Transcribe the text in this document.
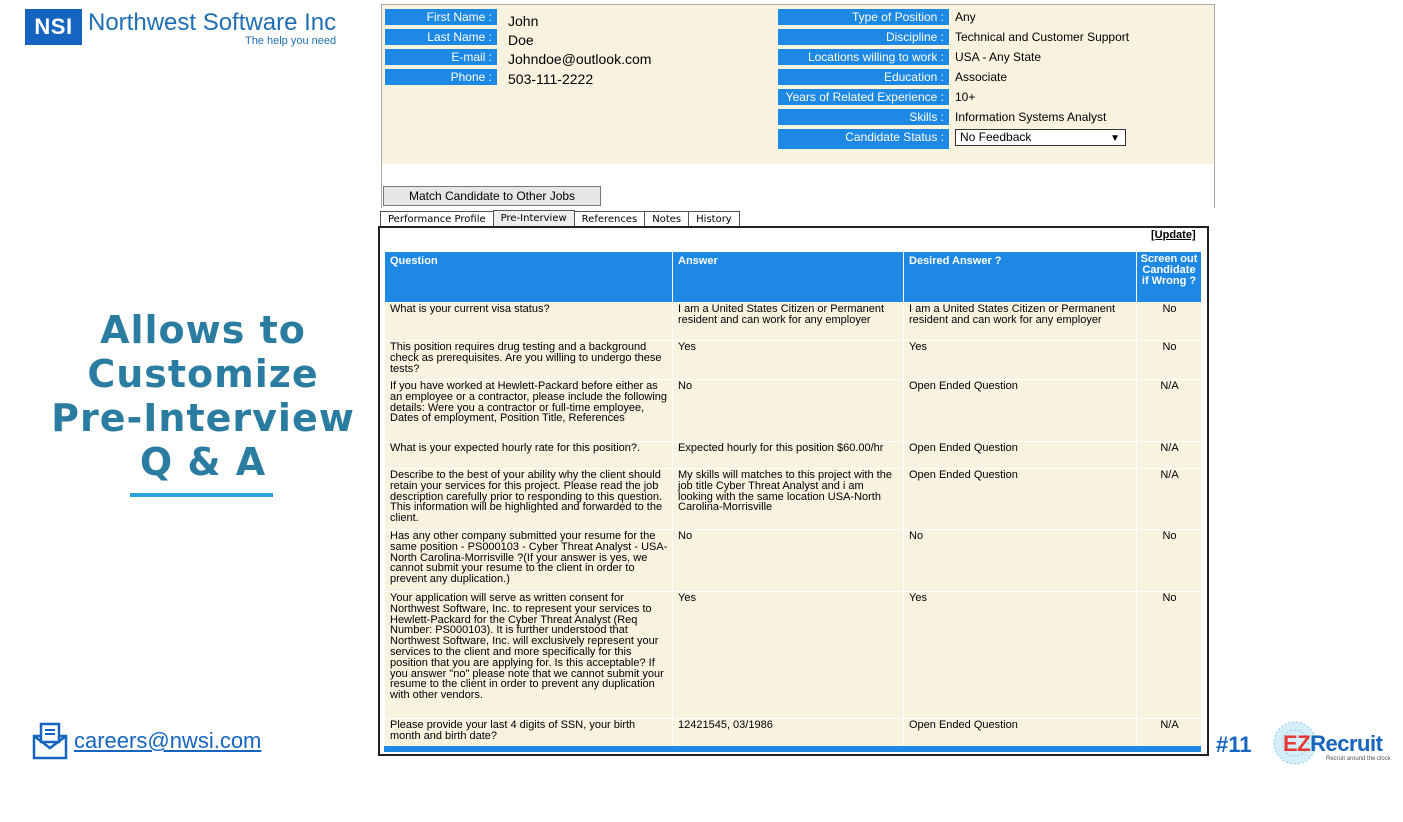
NSI Northwest Software Inc
The help you need
Allows to
Customize
Pre-Interview
Q & A
careers@nwsi.com	#11 EZRecruit
Recruit around the clock
First Name :	John
Last Name :	Doe
E-mail :	Johndoe@outlook.com
Phone :	503-111-2222
Type of Position : Any
Discipline : Technical and Customer Support
Locations willing to work : USA - Any State
Education : Associate
Years of Related Experience : 10+
Skills : Information Systems Analyst
Candidate Status :	No Feedback	▼
Match Candidate to Other Jobs
Performance Profile	Pre-Interview	References	Notes	History
[Update]
Question	Answer	Desired Answer ?	Screen out Candidate if Wrong ?
What is your current visa status?	I am a United States Citizen or Permanent resident and can work for any employer	I am a United States Citizen or Permanent resident and can work for any employer	No
This position requires drug testing and a background check as prerequisites. Are you willing to undergo these tests?	Yes	Yes	No
If you have worked at Hewlett-Packard before either as an employee or a contractor, please include the following details: Were you a contractor or full-time employee, Dates of employment, Position Title, References	No	Open Ended Question	N/A
What is your expected hourly rate for this position?.	Expected hourly for this position $60.00/hr	Open Ended Question	N/A
Describe to the best of your ability why the client should retain your services for this project. Please read the job description carefully prior to responding to this question. This information will be highlighted and forwarded to the client.	My skills will matches to this project with the job title Cyber Threat Analyst and i am looking with the same location USA-North Carolina-Morrisville	Open Ended Question	N/A
Has any other company submitted your resume for the same position - PS000103 - Cyber Threat Analyst - USA-North Carolina-Morrisville ?(If your answer is yes, we cannot submit your resume to the client in order to prevent any duplication.)	No	No	No
Your application will serve as written consent for Northwest Software, Inc. to represent your services to Hewlett-Packard for the Cyber Threat Analyst (Req Number: PS000103). It is further understood that Northwest Software, Inc. will exclusively represent your services to the client and more specifically for this position that you are applying for. Is this acceptable? If you answer "no" please note that we cannot submit your resume to the client in order to prevent any duplication with other vendors.	Yes	Yes	No
Please provide your last 4 digits of SSN, your birth month and birth date?	12421545, 03/1986	Open Ended Question	N/A
